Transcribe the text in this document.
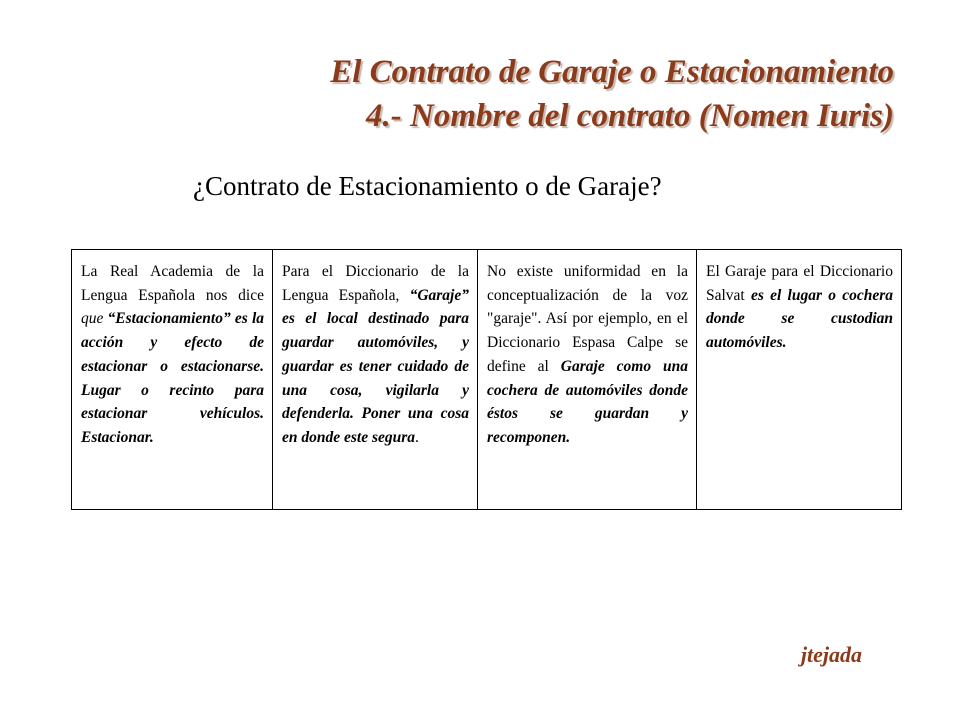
El Contrato de Garaje o Estacionamiento
4.- Nombre del contrato (Nomen Iuris)
¿Contrato de Estacionamiento o de Garaje?
La Real Academia de la Lengua Española nos dice que “Estacionamiento” es la acción y efecto de estacionar o estacionarse. Lugar o recinto para estacionar vehículos. Estacionar.	Para el Diccionario de la Lengua Española, “Garaje” es el local destinado para guardar automóviles, y guardar es tener cuidado de una cosa, vigilarla y defenderla. Poner una cosa en donde este segura.	No existe uniformidad en la conceptualización de la voz "garaje". Así por ejemplo, en el Diccionario Espasa Calpe se define al Garaje como una cochera de automóviles donde éstos se guardan y recomponen.	El Garaje para el Diccionario Salvat es el lugar o cochera donde se custodian automóviles.
jtejada
